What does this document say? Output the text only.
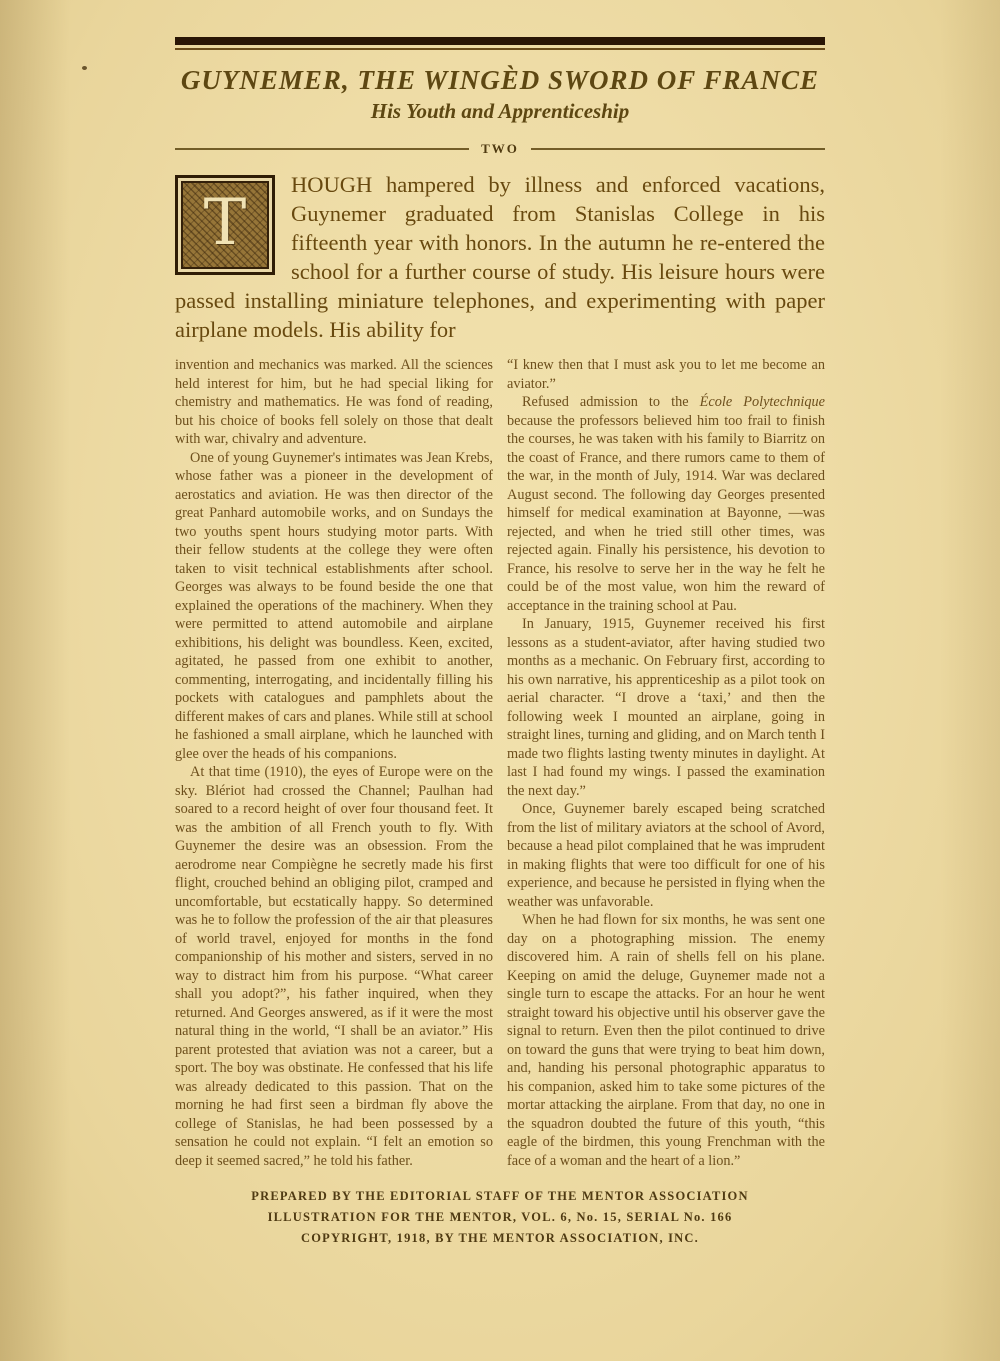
GUYNEMER, THE WINGÈD SWORD OF FRANCE
His Youth and Apprenticeship
TWO
T
HOUGH hampered by illness and enforced vacations, Guynemer graduated from Stanislas College in his fifteenth year with honors. In the autumn he re-entered the school for a further course of study. His leisure hours were passed installing miniature telephones, and experimenting with paper airplane models. His ability for

invention and mechanics was marked. All the sciences held interest for him, but he had special liking for chemistry and mathematics. He was fond of reading, but his choice of books fell solely on those that dealt with war, chivalry and adventure.

One of young Guynemer's intimates was Jean Krebs, whose father was a pioneer in the development of aerostatics and aviation. He was then director of the great Panhard automobile works, and on Sundays the two youths spent hours studying motor parts. With their fellow students at the college they were often taken to visit technical establishments after school. Georges was always to be found beside the one that explained the operations of the machinery. When they were permitted to attend automobile and airplane exhibitions, his delight was boundless. Keen, excited, agitated, he passed from one exhibit to another, commenting, interrogating, and incidentally filling his pockets with catalogues and pamphlets about the different makes of cars and planes. While still at school he fashioned a small airplane, which he launched with glee over the heads of his companions.

At that time (1910), the eyes of Europe were on the sky. Blériot had crossed the Channel; Paulhan had soared to a record height of over four thousand feet. It was the ambition of all French youth to fly. With Guynemer the desire was an obsession. From the aerodrome near Compiègne he secretly made his first flight, crouched behind an obliging pilot, cramped and uncomfortable, but ecstatically happy. So determined was he to follow the profession of the air that pleasures of world travel, enjoyed for months in the fond companionship of his mother and sisters, served in no way to distract him from his purpose. “What career shall you adopt?”, his father inquired, when they returned. And Georges answered, as if it were the most natural thing in the world, “I shall be an aviator.” His parent protested that aviation was not a career, but a sport. The boy was obstinate. He confessed that his life was already dedicated to this passion. That on the morning he had first seen a birdman fly above the college of Stanislas, he had been possessed by a sensation he could not explain. “I felt an emotion so deep it seemed sacred,” he told his father.

“I knew then that I must ask you to let me become an aviator.”

Refused admission to the École Polytechnique because the professors believed him too frail to finish the courses, he was taken with his family to Biarritz on the coast of France, and there rumors came to them of the war, in the month of July, 1914. War was declared August second. The following day Georges presented himself for medical examination at Bayonne, —was rejected, and when he tried still other times, was rejected again. Finally his persistence, his devotion to France, his resolve to serve her in the way he felt he could be of the most value, won him the reward of acceptance in the training school at Pau.

In January, 1915, Guynemer received his first lessons as a student-aviator, after having studied two months as a mechanic. On February first, according to his own narrative, his apprenticeship as a pilot took on aerial character. “I drove a ‘taxi,’ and then the following week I mounted an airplane, going in straight lines, turning and gliding, and on March tenth I made two flights lasting twenty minutes in daylight. At last I had found my wings. I passed the examination the next day.”

Once, Guynemer barely escaped being scratched from the list of military aviators at the school of Avord, because a head pilot complained that he was imprudent in making flights that were too difficult for one of his experience, and because he persisted in flying when the weather was unfavorable.

When he had flown for six months, he was sent one day on a photographing mission. The enemy discovered him. A rain of shells fell on his plane. Keeping on amid the deluge, Guynemer made not a single turn to escape the attacks. For an hour he went straight toward his objective until his observer gave the signal to return. Even then the pilot continued to drive on toward the guns that were trying to beat him down, and, handing his personal photographic apparatus to his companion, asked him to take some pictures of the mortar attacking the airplane. From that day, no one in the squadron doubted the future of this youth, “this eagle of the birdmen, this young Frenchman with the face of a woman and the heart of a lion.”

PREPARED BY THE EDITORIAL STAFF OF THE MENTOR ASSOCIATION
ILLUSTRATION FOR THE MENTOR, VOL. 6, No. 15, SERIAL No. 166
COPYRIGHT, 1918, BY THE MENTOR ASSOCIATION, INC.
